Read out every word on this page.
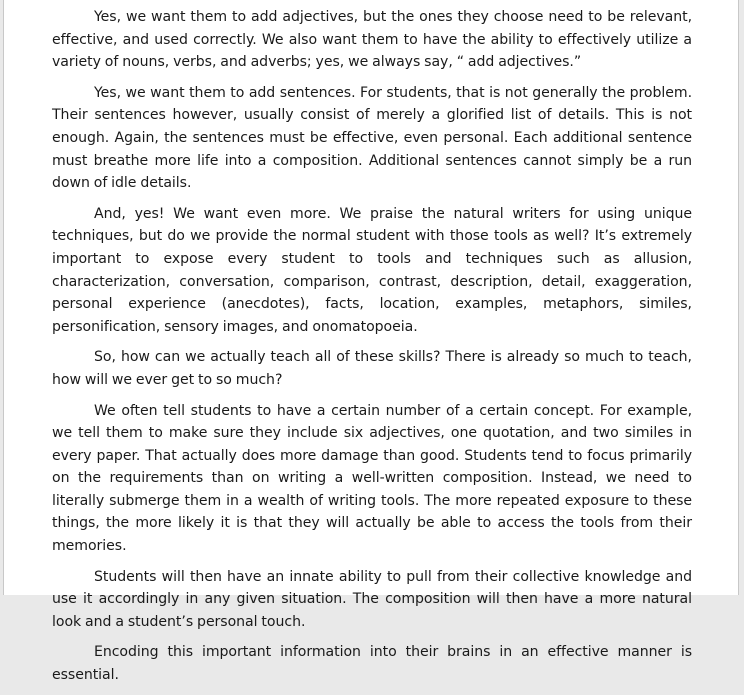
Yes, we want them to add adjectives, but the ones they choose need to be relevant, effective, and used correctly. We also want them to have the ability to effectively utilize a variety of nouns, verbs, and adverbs; yes, we always say, “ add adjectives.”

Yes, we want them to add sentences. For students, that is not generally the problem. Their sentences however, usually consist of merely a glorified list of details. This is not enough. Again, the sentences must be effective, even personal. Each additional sentence must breathe more life into a composition. Additional sentences cannot simply be a run down of idle details.

And, yes! We want even more. We praise the natural writers for using unique techniques, but do we provide the normal student with those tools as well? It’s extremely important to expose every student to tools and techniques such as allusion, characterization, conversation, comparison, contrast, description, detail, exaggeration, personal experience (anecdotes), facts, location, examples, metaphors, similes, personification, sensory images, and onomatopoeia.

So, how can we actually teach all of these skills? There is already so much to teach, how will we ever get to so much?

We often tell students to have a certain number of a certain concept. For example, we tell them to make sure they include six adjectives, one quotation, and two similes in every paper. That actually does more damage than good. Students tend to focus primarily on the requirements than on writing a well-written composition. Instead, we need to literally submerge them in a wealth of writing tools. The more repeated exposure to these things, the more likely it is that they will actually be able to access the tools from their memories.

Students will then have an innate ability to pull from their collective knowledge and use it accordingly in any given situation. The composition will then have a more natural look and a student’s personal touch.

Encoding this important information into their brains in an effective manner is essential.
